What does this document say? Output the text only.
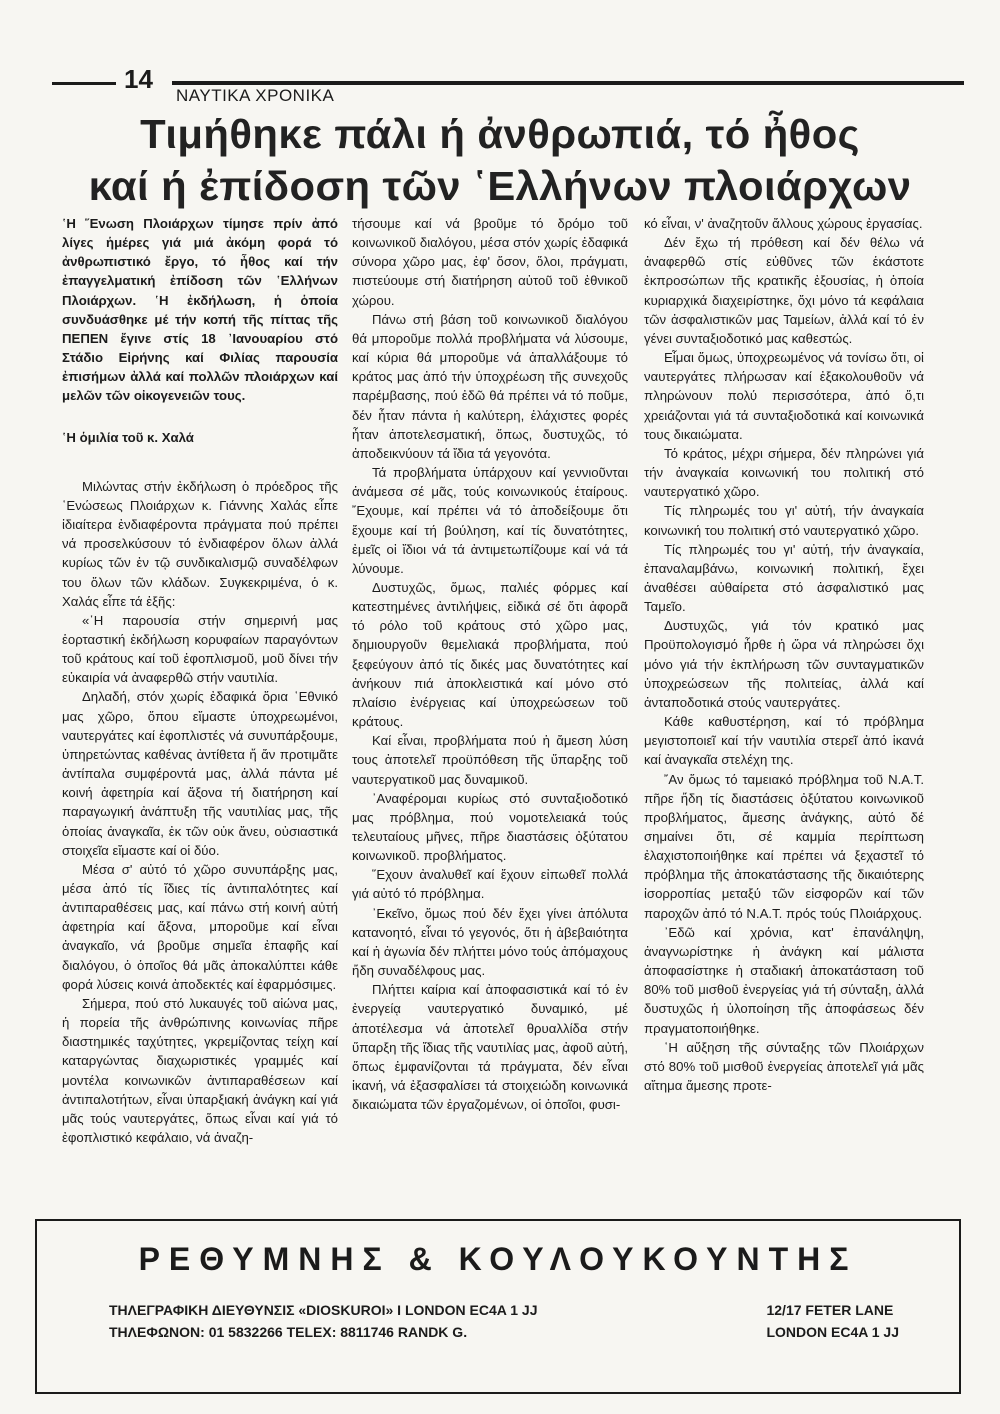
14
ΝΑΥΤΙΚΑ ΧΡΟΝΙΚΑ
Τιμήθηκε πάλι ή ἀνθρωπιά, τό ἦθος
καί ή ἐπίδοση τῶν ῾Ελλήνων πλοιάρχων

῾Η ῞Ενωση Πλοιάρχων τίμησε πρίν ἀπό λίγες ἡμέρες γιά μιά ἀκόμη φορά τό ἀνθρωπιστικό ἔργο, τό ἦθος καί τήν ἐπαγγελματική ἐπίδοση τῶν ῾Ελλήνων Πλοιάρχων. ῾Η ἐκδήλωση, ἡ ὁποία συνδυάσθηκε μέ τήν κοπή τῆς πίττας τῆς ΠΕΠΕΝ ἔγινε στίς 18 ᾿Ιανουαρίου στό Στάδιο Εἰρήνης καί Φιλίας παρουσία ἐπισήμων ἀλλά καί πολλῶν πλοιάρχων καί μελῶν τῶν οἰκογενειῶν τους.

῾Η ὁμιλία τοῦ κ. Χαλά

Μιλώντας στήν ἐκδήλωση ὁ πρόεδρος τῆς ῾Ενώσεως Πλοιάρχων κ. Γιάννης Χαλάς εἶπε ἰδιαίτερα ἐνδιαφέροντα πράγματα πού πρέπει νά προσελκύσουν τό ἐνδιαφέρον ὅλων ἀλλά κυρίως τῶν ἐν τῷ συνδικαλισμῷ συναδέλφων του ὅλων τῶν κλάδων. Συγκεκριμένα, ὁ κ. Χαλάς εἶπε τά ἑξῆς:

«῾Η παρουσία στήν σημερινή μας ἑορταστική ἐκδήλωση κορυφαίων παραγόντων τοῦ κράτους καί τοῦ ἐφοπλισμοῦ, μοῦ δίνει τήν εὐκαιρία νά ἀναφερθῶ στήν ναυτιλία.

Δηλαδή, στόν χωρίς ἐδαφικά ὅρια ῾Εθνικό μας χῶρο, ὅπου εἴμαστε ὑποχρεωμένοι, ναυτεργάτες καί ἐφοπλιστές νά συνυπάρξουμε, ὑπηρετώντας καθένας ἀντίθετα ἤ ἄν προτιμᾶτε ἀντίπαλα συμφέροντά μας, ἀλλά πάντα μέ κοινή ἀφετηρία καί ἄξονα τή διατήρηση καί παραγωγική ἀνάπτυξη τῆς ναυτιλίας μας, τῆς ὁποίας ἀναγκαῖα, ἐκ τῶν οὐκ ἄνευ, οὐσιαστικά στοιχεῖα εἴμαστε καί οἱ δύο.

Μέσα σ' αὐτό τό χῶρο συνυπάρξης μας, μέσα ἀπό τίς ἴδιες τίς ἀντιπαλότητες καί ἀντιπαραθέσεις μας, καί πάνω στή κοινή αὐτή ἀφετηρία καί ἄξονα, μποροῦμε καί εἶναι ἀναγκαῖο, νά βροῦμε σημεῖα ἐπαφῆς καί διαλόγου, ὁ ὁποῖος θά μᾶς ἀποκαλύπτει κάθε φορά λύσεις κοινά ἀποδεκτές καί ἐφαρμόσιμες.

Σήμερα, πού στό λυκαυγές τοῦ αἰώνα μας, ἡ πορεία τῆς ἀνθρώπινης κοινωνίας πῆρε διαστημικές ταχύτητες, γκρεμίζοντας τείχη καί καταργώντας διαχωριστικές γραμμές καί μοντέλα κοινωνικῶν ἀντιπαραθέσεων καί ἀντιπαλοτήτων, εἶναι ὑπαρξιακή ἀνάγκη καί γιά μᾶς τούς ναυτεργάτες, ὅπως εἶναι καί γιά τό ἐφοπλιστικό κεφάλαιο, νά ἀναζη-

τήσουμε καί νά βροῦμε τό δρόμο τοῦ κοινωνικοῦ διαλόγου, μέσα στόν χωρίς ἐδαφικά σύνορα χῶρο μας, ἐφ' ὅσον, ὅλοι, πράγματι, πιστεύουμε στή διατήρηση αὐτοῦ τοῦ ἐθνικοῦ χώρου.

Πάνω στή βάση τοῦ κοινωνικοῦ διαλόγου θά μποροῦμε πολλά προβλήματα νά λύσουμε, καί κύρια θά μποροῦμε νά ἀπαλλάξουμε τό κράτος μας ἀπό τήν ὑποχρέωση τῆς συνεχοῦς παρέμβασης, πού ἐδῶ θά πρέπει νά τό ποῦμε, δέν ἦταν πάντα ἡ καλύτερη, ἐλάχιστες φορές ἦταν ἀποτελεσματική, ὅπως, δυστυχῶς, τό ἀποδεικνύουν τά ἴδια τά γεγονότα.

Τά προβλήματα ὑπάρχουν καί γεννιοῦνται ἀνάμεσα σέ μᾶς, τούς κοινωνικούς ἑταίρους. ῎Εχουμε, καί πρέπει νά τό ἀποδείξουμε ὅτι ἔχουμε καί τή βούληση, καί τίς δυνατότητες, ἐμεῖς οἱ ἴδιοι νά τά ἀντιμετωπίζουμε καί νά τά λύνουμε.

Δυστυχῶς, ὅμως, παλιές φόρμες καί κατεστημένες ἀντιλήψεις, εἰδικά σέ ὅτι ἀφορᾶ τό ρόλο τοῦ κράτους στό χῶρο μας, δημιουργοῦν θεμελιακά προβλήματα, πού ξεφεύγουν ἀπό τίς δικές μας δυνατότητες καί ἀνήκουν πιά ἀποκλειστικά καί μόνο στό πλαίσιο ἐνέργειας καί ὑποχρεώσεων τοῦ κράτους.

Καί εἶναι, προβλήματα πού ἡ ἄμεση λύση τους ἀποτελεῖ προϋπόθεση τῆς ὕπαρξης τοῦ ναυτεργατικοῦ μας δυναμικοῦ.

᾿Αναφέρομαι κυρίως στό συνταξιοδοτικό μας πρόβλημα, πού νομοτελειακά τούς τελευταίους μῆνες, πῆρε διαστάσεις ὀξύτατου κοινωνικοῦ. προβλήματος.

῞Εχουν ἀναλυθεῖ καί ἔχουν εἰπωθεῖ πολλά γιά αὐτό τό πρόβλημα.

᾿Εκεῖνο, ὅμως πού δέν ἔχει γίνει ἀπόλυτα κατανοητό, εἶναι τό γεγονός, ὅτι ἡ ἀβεβαιότητα καί ἡ ἀγωνία δέν πλήττει μόνο τούς ἀπόμαχους ἤδη συναδέλφους μας.

Πλήττει καίρια καί ἀποφασιστικά καί τό ἐν ἐνεργείᾳ ναυτεργατικό δυναμικό, μέ ἀποτέλεσμα νά ἀποτελεῖ θρυαλλίδα στήν ὕπαρξη τῆς ἴδιας τῆς ναυτιλίας μας, ἀφοῦ αὐτή, ὅπως ἐμφανίζονται τά πράγματα, δέν εἶναι ἱκανή, νά ἐξασφαλίσει τά στοιχειώδη κοινωνικά δικαιώματα τῶν ἐργαζομένων, οἱ ὁποῖοι, φυσι-

κό εἶναι, ν' ἀναζητοῦν ἄλλους χώρους ἐργασίας.

Δέν ἔχω τή πρόθεση καί δέν θέλω νά ἀναφερθῶ στίς εὐθῦνες τῶν ἑκάστοτε ἐκπροσώπων τῆς κρατικῆς ἐξουσίας, ἡ ὁποία κυριαρχικά διαχειρίστηκε, ὄχι μόνο τά κεφάλαια τῶν ἀσφαλιστικῶν μας Ταμείων, ἀλλά καί τό ἐν γένει συνταξιοδοτικό μας καθεστώς.

Εἶμαι ὅμως, ὑποχρεωμένος νά τονίσω ὅτι, οἱ ναυτεργάτες πλήρωσαν καί ἐξακολουθοῦν νά πληρώνουν πολύ περισσότερα, ἀπό ὅ,τι χρειάζονται γιά τά συνταξιοδοτικά καί κοινωνικά τους δικαιώματα.

Τό κράτος, μέχρι σήμερα, δέν πληρώνει γιά τήν ἀναγκαία κοινωνική του πολιτική στό ναυτεργατικό χῶρο.

Τίς πληρωμές του γι' αὐτή, τήν ἀναγκαία κοινωνική του πολιτική στό ναυτεργατικό χῶρο.

Τίς πληρωμές του γι' αὐτή, τήν ἀναγκαία, ἐπαναλαμβάνω, κοινωνική πολιτική, ἔχει ἀναθέσει αὐθαίρετα στό ἀσφαλιστικό μας Ταμεῖο.

Δυστυχῶς, γιά τόν κρατικό μας Προϋπολογισμό ἦρθε ἡ ὥρα νά πληρώσει ὄχι μόνο γιά τήν ἐκπλήρωση τῶν συνταγματικῶν ὑποχρεώσεων τῆς πολιτείας, ἀλλά καί ἀνταποδοτικά στούς ναυτεργάτες.

Κάθε καθυστέρηση, καί τό πρόβλημα μεγιστοποιεῖ καί τήν ναυτιλία στερεῖ ἀπό ἱκανά καί ἀναγκαῖα στελέχη της.

῎Αν ὅμως τό ταμειακό πρόβλημα τοῦ Ν.Α.Τ. πῆρε ἤδη τίς διαστάσεις ὀξύτατου κοινωνικοῦ προβλήματος, ἄμεσης ἀνάγκης, αὐτό δέ σημαίνει ὅτι, σέ καμμία περίπτωση ἐλαχιστοποιήθηκε καί πρέπει νά ξεχαστεῖ τό πρόβλημα τῆς ἀποκατάστασης τῆς δικαιότερης ἰσορροπίας μεταξύ τῶν εἰσφορῶν καί τῶν παροχῶν ἀπό τό Ν.Α.Τ. πρός τούς Πλοιάρχους.

᾿Εδῶ καί χρόνια, κατ' ἐπανάληψη, ἀναγνωρίστηκε ἡ ἀνάγκη καί μάλιστα ἀποφασίστηκε ἡ σταδιακή ἀποκατάσταση τοῦ 80% τοῦ μισθοῦ ἐνεργείας γιά τή σύνταξη, ἀλλά δυστυχῶς ἡ ὑλοποίηση τῆς ἀποφάσεως δέν πραγματοποιήθηκε.

῾Η αὔξηση τῆς σύνταξης τῶν Πλοιάρχων στό 80% τοῦ μισθοῦ ἐνεργείας ἀποτελεῖ γιά μᾶς αἴτημα ἄμεσης προτε-

ΡΕΘΥΜΝΗΣ & ΚΟΥΛΟΥΚΟΥΝΤΗΣ
ΤΗΛΕΓΡΑΦΙΚΗ ΔΙΕΥΘΥΝΣΙΣ «DIOSKUROI» I LONDON EC4A 1 JJ
ΤΗΛΕΦΩΝΟΝ: 01 5832266 TELEX: 8811746 RANDK G.
12/17 FETER LANE
LONDON EC4A 1 JJ
